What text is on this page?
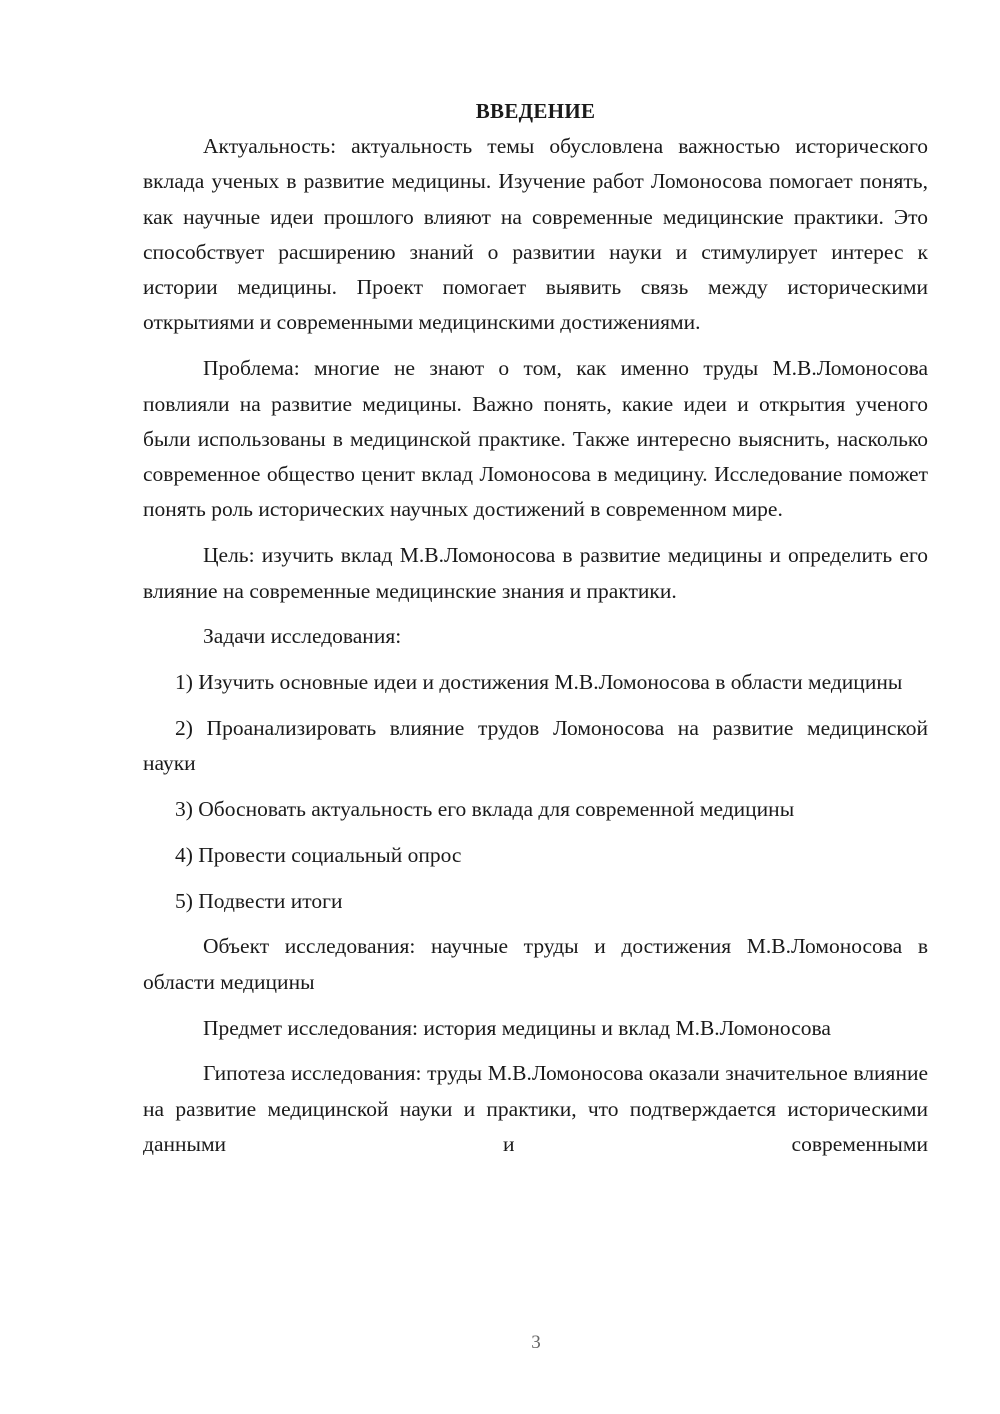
ВВЕДЕНИЕ

Актуальность: актуальность темы обусловлена важностью исторического вклада ученых в развитие медицины. Изучение работ Ломоносова помогает понять, как научные идеи прошлого влияют на современные медицинские практики. Это способствует расширению знаний о развитии науки и стимулирует интерес к истории медицины. Проект помогает выявить связь между историческими открытиями и современными медицинскими достижениями.

Проблема: многие не знают о том, как именно труды М.В.Ломоносова повлияли на развитие медицины. Важно понять, какие идеи и открытия ученого были использованы в медицинской практике. Также интересно выяснить, насколько современное общество ценит вклад Ломоносова в медицину. Исследование поможет понять роль исторических научных достижений в современном мире.

Цель: изучить вклад М.В.Ломоносова в развитие медицины и определить его влияние на современные медицинские знания и практики.

Задачи исследования:

1) Изучить основные идеи и достижения М.В.Ломоносова в области медицины

2) Проанализировать влияние трудов Ломоносова на развитие медицинской науки

3) Обосновать актуальность его вклада для современной медицины

4) Провести социальный опрос

5) Подвести итоги

Объект исследования: научные труды и достижения М.В.Ломоносова в области медицины

Предмет исследования: история медицины и вклад М.В.Ломоносова

Гипотеза исследования: труды М.В.Ломоносова оказали значительное влияние на развитие медицинской науки и практики, что подтверждается историческими данными и современными

3
